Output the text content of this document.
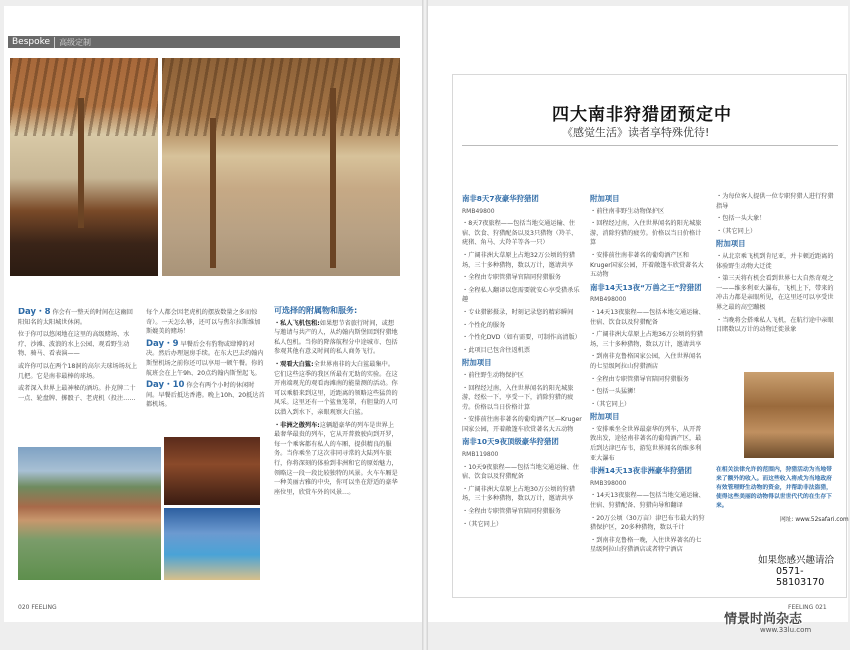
Bespoke	高级定制

Day・8 你会有一整天的时间在这幽回阳知名的太阳城世休闲。

位于你可以悠闲地在这里的高级赌场、水疗、沙滩、波浪的水上公园、观看野生动物、骑马、看表演——

或许你可以在两个18洞的高尔夫球场场玩上几把。它是南非最棒的球场。

或者深入世界上最神秘的酒坊。扑克牌二十一点、轮盘牌、掷骰子、老虎机（投注……

每个人都会因老虎机的摆放数量之多而惊奇）。一天怎么够，还可以与焦尔拉斯维加斯媲美的赌场！

Day・9 早餐后会有豹物或肆博的对决。然后办理退房手续。在东大巴去约翰内斯堡机场之前你还可以享用一顿午餐。你的航班会在上午9h、20点约翰内斯堡起飞。

Day・10 你会有两个小时的休闲时间。早餐后抵达香港。晚上10h、20抵达首都机场。

可选择的附属物和服务:

・私人飞机包租:如果想节省旅行时间，或想与邀请与共产的人，从约翰内斯堡回到狩猎地私人包机。当你的降落航程分中途城市、包括参观其他有意义时间的私人商务飞行。

・观看大白鲨:全世界南非的大白鲨最集中。它们这些这季的我区所最有无助的实验。在这开南端观光的观看海滩南的能量测的活动。你可以乘船来到这里，近距离的领略这些猛兽的风采。这里还有一个鲨鱼笼罩，有胆量的人可以潜入到水下，亲眼观察大白鲨。

・非洲之傲列车:这辆超豪华的列车是世界上最奢华最贵的列车，它从开普敦驶向到开罗，每一个乘客都有私人的车厢，提供精良的服务。当你乘坐了这次非同寻常的大陆列车旅行，你将深刻的体验到非洲和它的原始魅力，领略这一段一段比较独特的风景。火车车厢是一种美丽古雅的中央，你可以坐在舒适的豪华座位里，欣赏车外的风景…。

020 FEELING
四大南非狩猎团预定中
《感觉生活》读者享特殊优待!

南非8天7夜豪华狩猎团

RMB49800

・8天7夜旅程——包括当地交通运输、住宿、饮食、狩猎配备以及3只猎物（羚羊、疣猪、角马、大羚羊等各一只）

・广阔非洲大草原上占地32万公顷的狩猎场，三十多种猎物，数以万计，邀请共享

・全程由专职管猎导官陪同狩猎服务

・全程私人翻译以您需要就安心享受猎杀乐趣

・专业猎影摄录，时刻记录您的精彩瞬间

・个性化的服务

・个性化DVD（如有需要，可制作高清版）

・此项目已包含往返机票

附加项目

・前往野生动物保护区

・回程经过南，入住世界闻名的阳光城旅游，经松一下，享受一下，消除狩猎的疲劳。价格以当日价格计算

・安排前往南非著名的葡萄酒产区—Kruger国家公园，开着敞篷车欣赏著名大五动物

南非10天9夜顶级豪华狩猎团

RMB119800

・10天9夜旅程——包括当地交通运输、住宿、饮食以及狩猎配备

・广阔非洲大草原上占地30万公顷的狩猎场，三十多种猎物，数以万计，邀请共享

・全程由专职管猎导官陪同狩猎服务

・（其它同上）

附加项目

・前往南非野生动物保护区

・回程经过南，入住世界闻名的阳光城旅游，消除狩猎的疲劳。价格以当日价格计算

・安排前往南非著名的葡萄酒产区和Kruger国家公园，开着敞篷车欣赏著名大五动物

南非14天13夜“万兽之王”狩猎团

RMB498000

・14天13夜旅程——包括本地交通运输、住宿、饮食以及狩猎配备

・广阔非洲大草原上占地36万公顷的狩猎场，三十多种猎物，数以万计，邀请共享

・到南非克鲁格国家公园，入住世界闻名的七星级阿拉山狩猎酒店

・全程由专职管猎导官陪同狩猎服务

・包括一头猛狮！

・（其它同上）

附加项目

・安排乘坐全世界最豪华的列车，从开普敦出发，途径南非著名的葡萄酒产区，最后到达津巴布韦，游览世界闻名的维多利亚大瀑布

非洲14天13夜非洲豪华狩猎团

RMB398000

・14天13夜旅程——包括当地交通运输、住宿、狩猎配备、狩猎向导和翻译

・20万公顷（30万亩）津巴布韦最大的狩猎保护区，20多种猎物，数以千计

・到南非克鲁格一晚，入住世界著名的七星级阿拉山狩猎酒店或者特宁酒店

・为每位客人提供一位专职狩猎人进行狩猎指导

・包括一头大象！

・（其它同上）

附加项目

・从北京乘飞机到肯尼亚，并卡顿近距离的体验野生动物大迁徙

・第三天将有机会看到世界七大自然奇观之一——维多利亚大瀑布，飞机上下，带来的冲击力都是亲眼所见，在这里还可以享受世界之最的高空蹦极

・当晚将会搭乘私人飞机，在航行途中亲眼目睹数以万计的动物迁徙景象

在相关法律允许的范围内，狩猎活动为当地带来了额外的收入。而这些收入将成为当地政府有效管理野生动物的资金，并帮助非法盗猎，使得这些美丽的动物得以世世代代的在生存下来。
网址: www.52safari.com
如果您感兴趣请洽
0571-58103170
FEELING 021
情景时尚杂志
www.33lu.com
